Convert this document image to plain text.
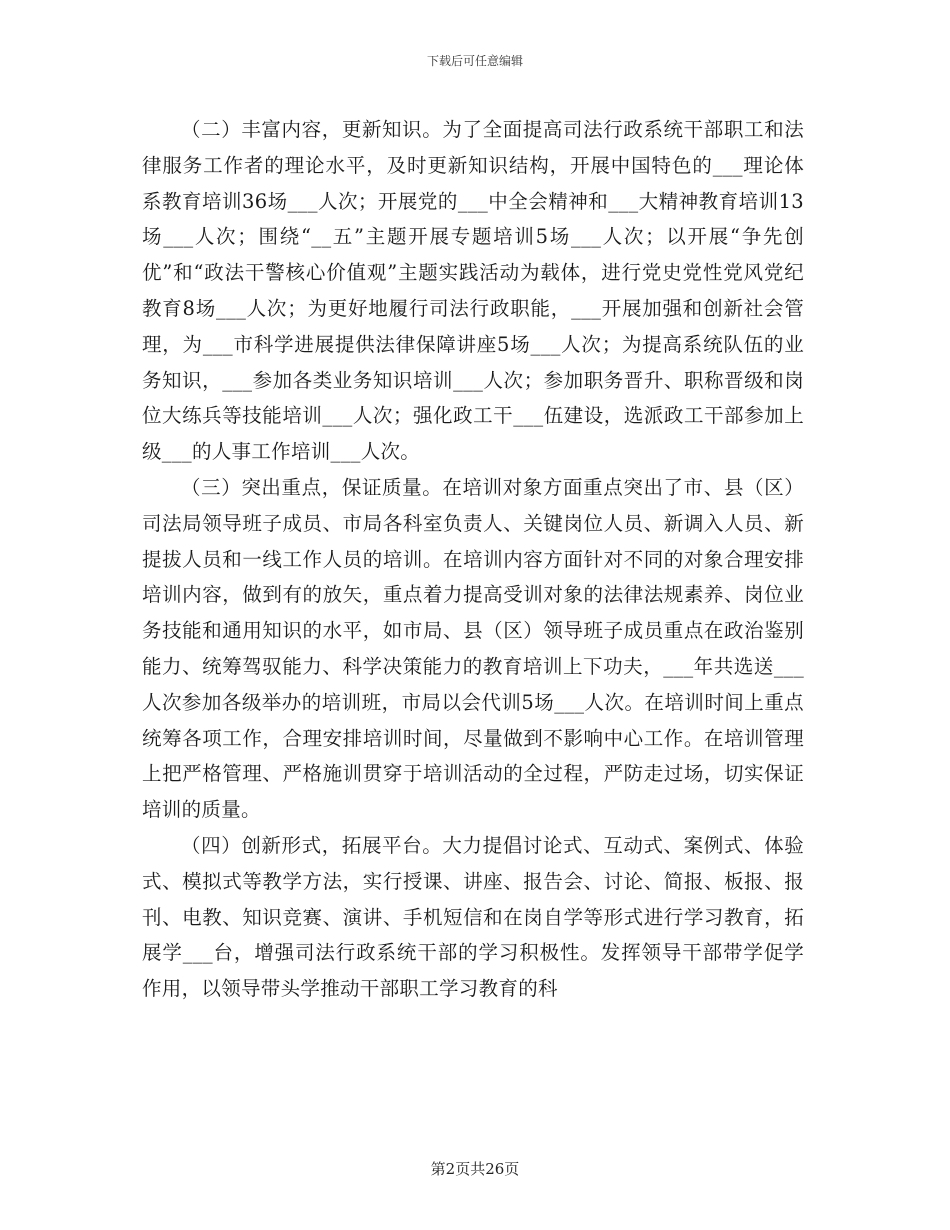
下载后可任意编辑

（二）丰富内容，更新知识。为了全面提高司法行政系统干部职工和法律服务工作者的理论水平，及时更新知识结构，开展中国特色的___理论体系教育培训36场___人次；开展党的___中全会精神和___大精神教育培训13场___人次；围绕“__五”主题开展专题培训5场___人次；以开展“争先创优”和“政法干警核心价值观”主题实践活动为载体，进行党史党性党风党纪教育8场___人次；为更好地履行司法行政职能，___开展加强和创新社会管理，为___市科学进展提供法律保障讲座5场___人次；为提高系统队伍的业务知识，___参加各类业务知识培训___人次；参加职务晋升、职称晋级和岗位大练兵等技能培训___人次；强化政工干___伍建设，选派政工干部参加上级___的人事工作培训___人次。

（三）突出重点，保证质量。在培训对象方面重点突出了市、县（区）司法局领导班子成员、市局各科室负责人、关键岗位人员、新调入人员、新提拔人员和一线工作人员的培训。在培训内容方面针对不同的对象合理安排培训内容，做到有的放矢，重点着力提高受训对象的法律法规素养、岗位业务技能和通用知识的水平，如市局、县（区）领导班子成员重点在政治鉴别能力、统筹驾驭能力、科学决策能力的教育培训上下功夫，___年共选送___人次参加各级举办的培训班，市局以会代训5场___人次。在培训时间上重点统筹各项工作，合理安排培训时间，尽量做到不影响中心工作。在培训管理上把严格管理、严格施训贯穿于培训活动的全过程，严防走过场，切实保证培训的质量。

（四）创新形式，拓展平台。大力提倡讨论式、互动式、案例式、体验式、模拟式等教学方法，实行授课、讲座、报告会、讨论、简报、板报、报刊、电教、知识竞赛、演讲、手机短信和在岗自学等形式进行学习教育，拓展学___台，增强司法行政系统干部的学习积极性。发挥领导干部带学促学作用，以领导带头学推动干部职工学习教育的科

第2页共26页
